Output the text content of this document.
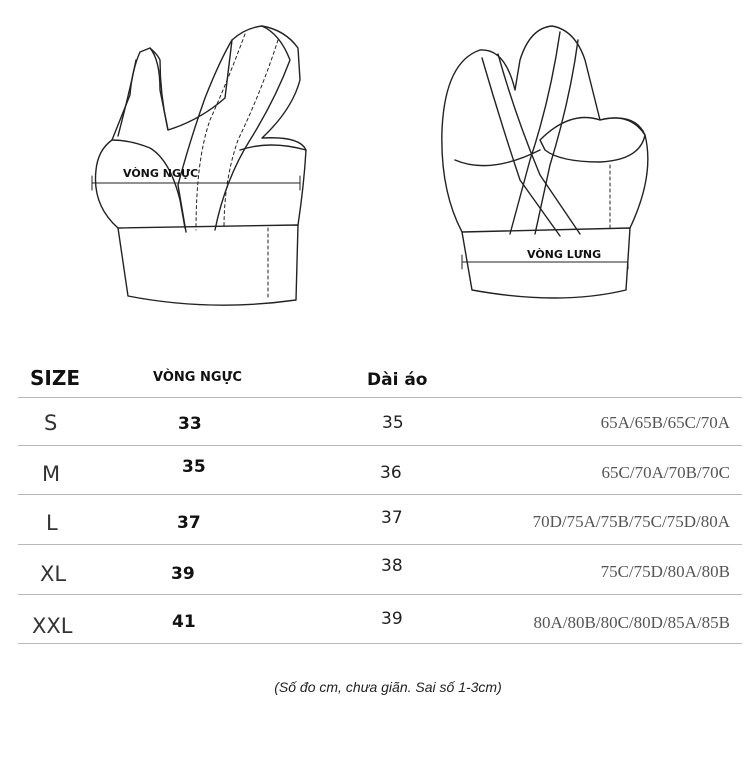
VÒNG NGỰC
VÒNG LƯNG
SIZE	VÒNG NGỰC	Dài áo
S	33	35	65A/65B/65C/70A
M	35	36	65C/70A/70B/70C
L	37	37	70D/75A/75B/75C/75D/80A
XL	39	38	75C/75D/80A/80B
XXL	41	39	80A/80B/80C/80D/85A/85B
(Số đo cm, chưa giãn. Sai số 1-3cm)
